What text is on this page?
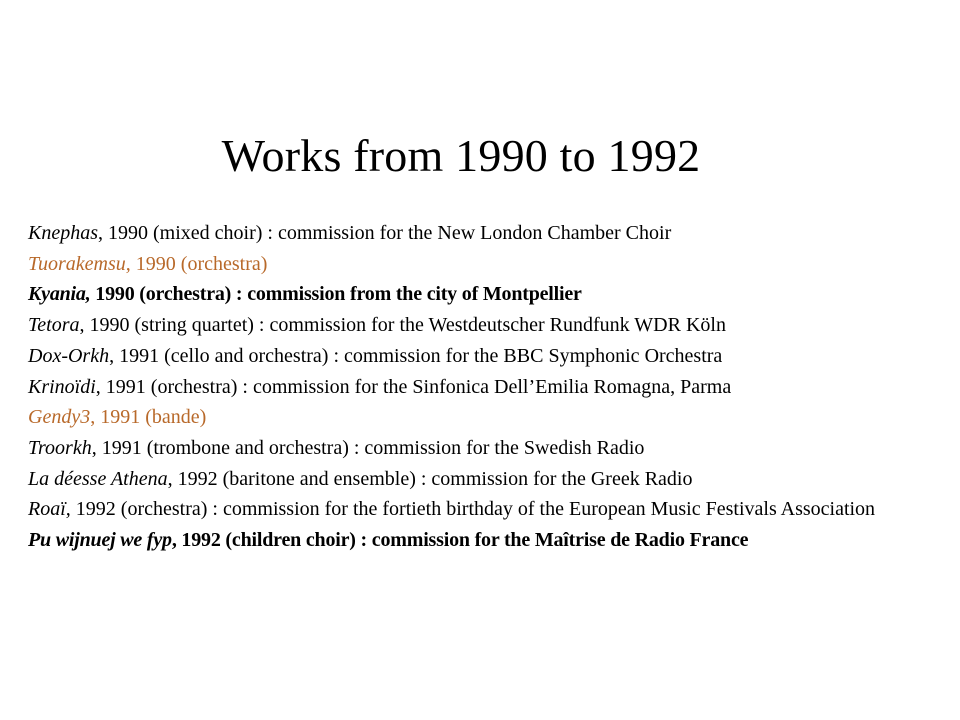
Works from 1990 to 1992
Knephas, 1990 (mixed choir) : commission for the New London Chamber Choir
Tuorakemsu, 1990 (orchestra)
Kyania, 1990 (orchestra) : commission from the city of Montpellier
Tetora, 1990 (string quartet) : commission for the Westdeutscher Rundfunk WDR Köln
Dox-Orkh, 1991 (cello and orchestra) : commission for the BBC Symphonic Orchestra
Krinoïdi, 1991 (orchestra) : commission for the Sinfonica Dell’Emilia Romagna, Parma
Gendy3, 1991 (bande)
Troorkh, 1991 (trombone and orchestra) : commission for the Swedish Radio
La déesse Athena, 1992 (baritone and ensemble) : commission for the Greek Radio
Roaï, 1992 (orchestra) : commission for the fortieth birthday of the European Music Festivals Association
Pu wijnuej we fyp, 1992 (children choir) : commission for the Maîtrise de Radio France
